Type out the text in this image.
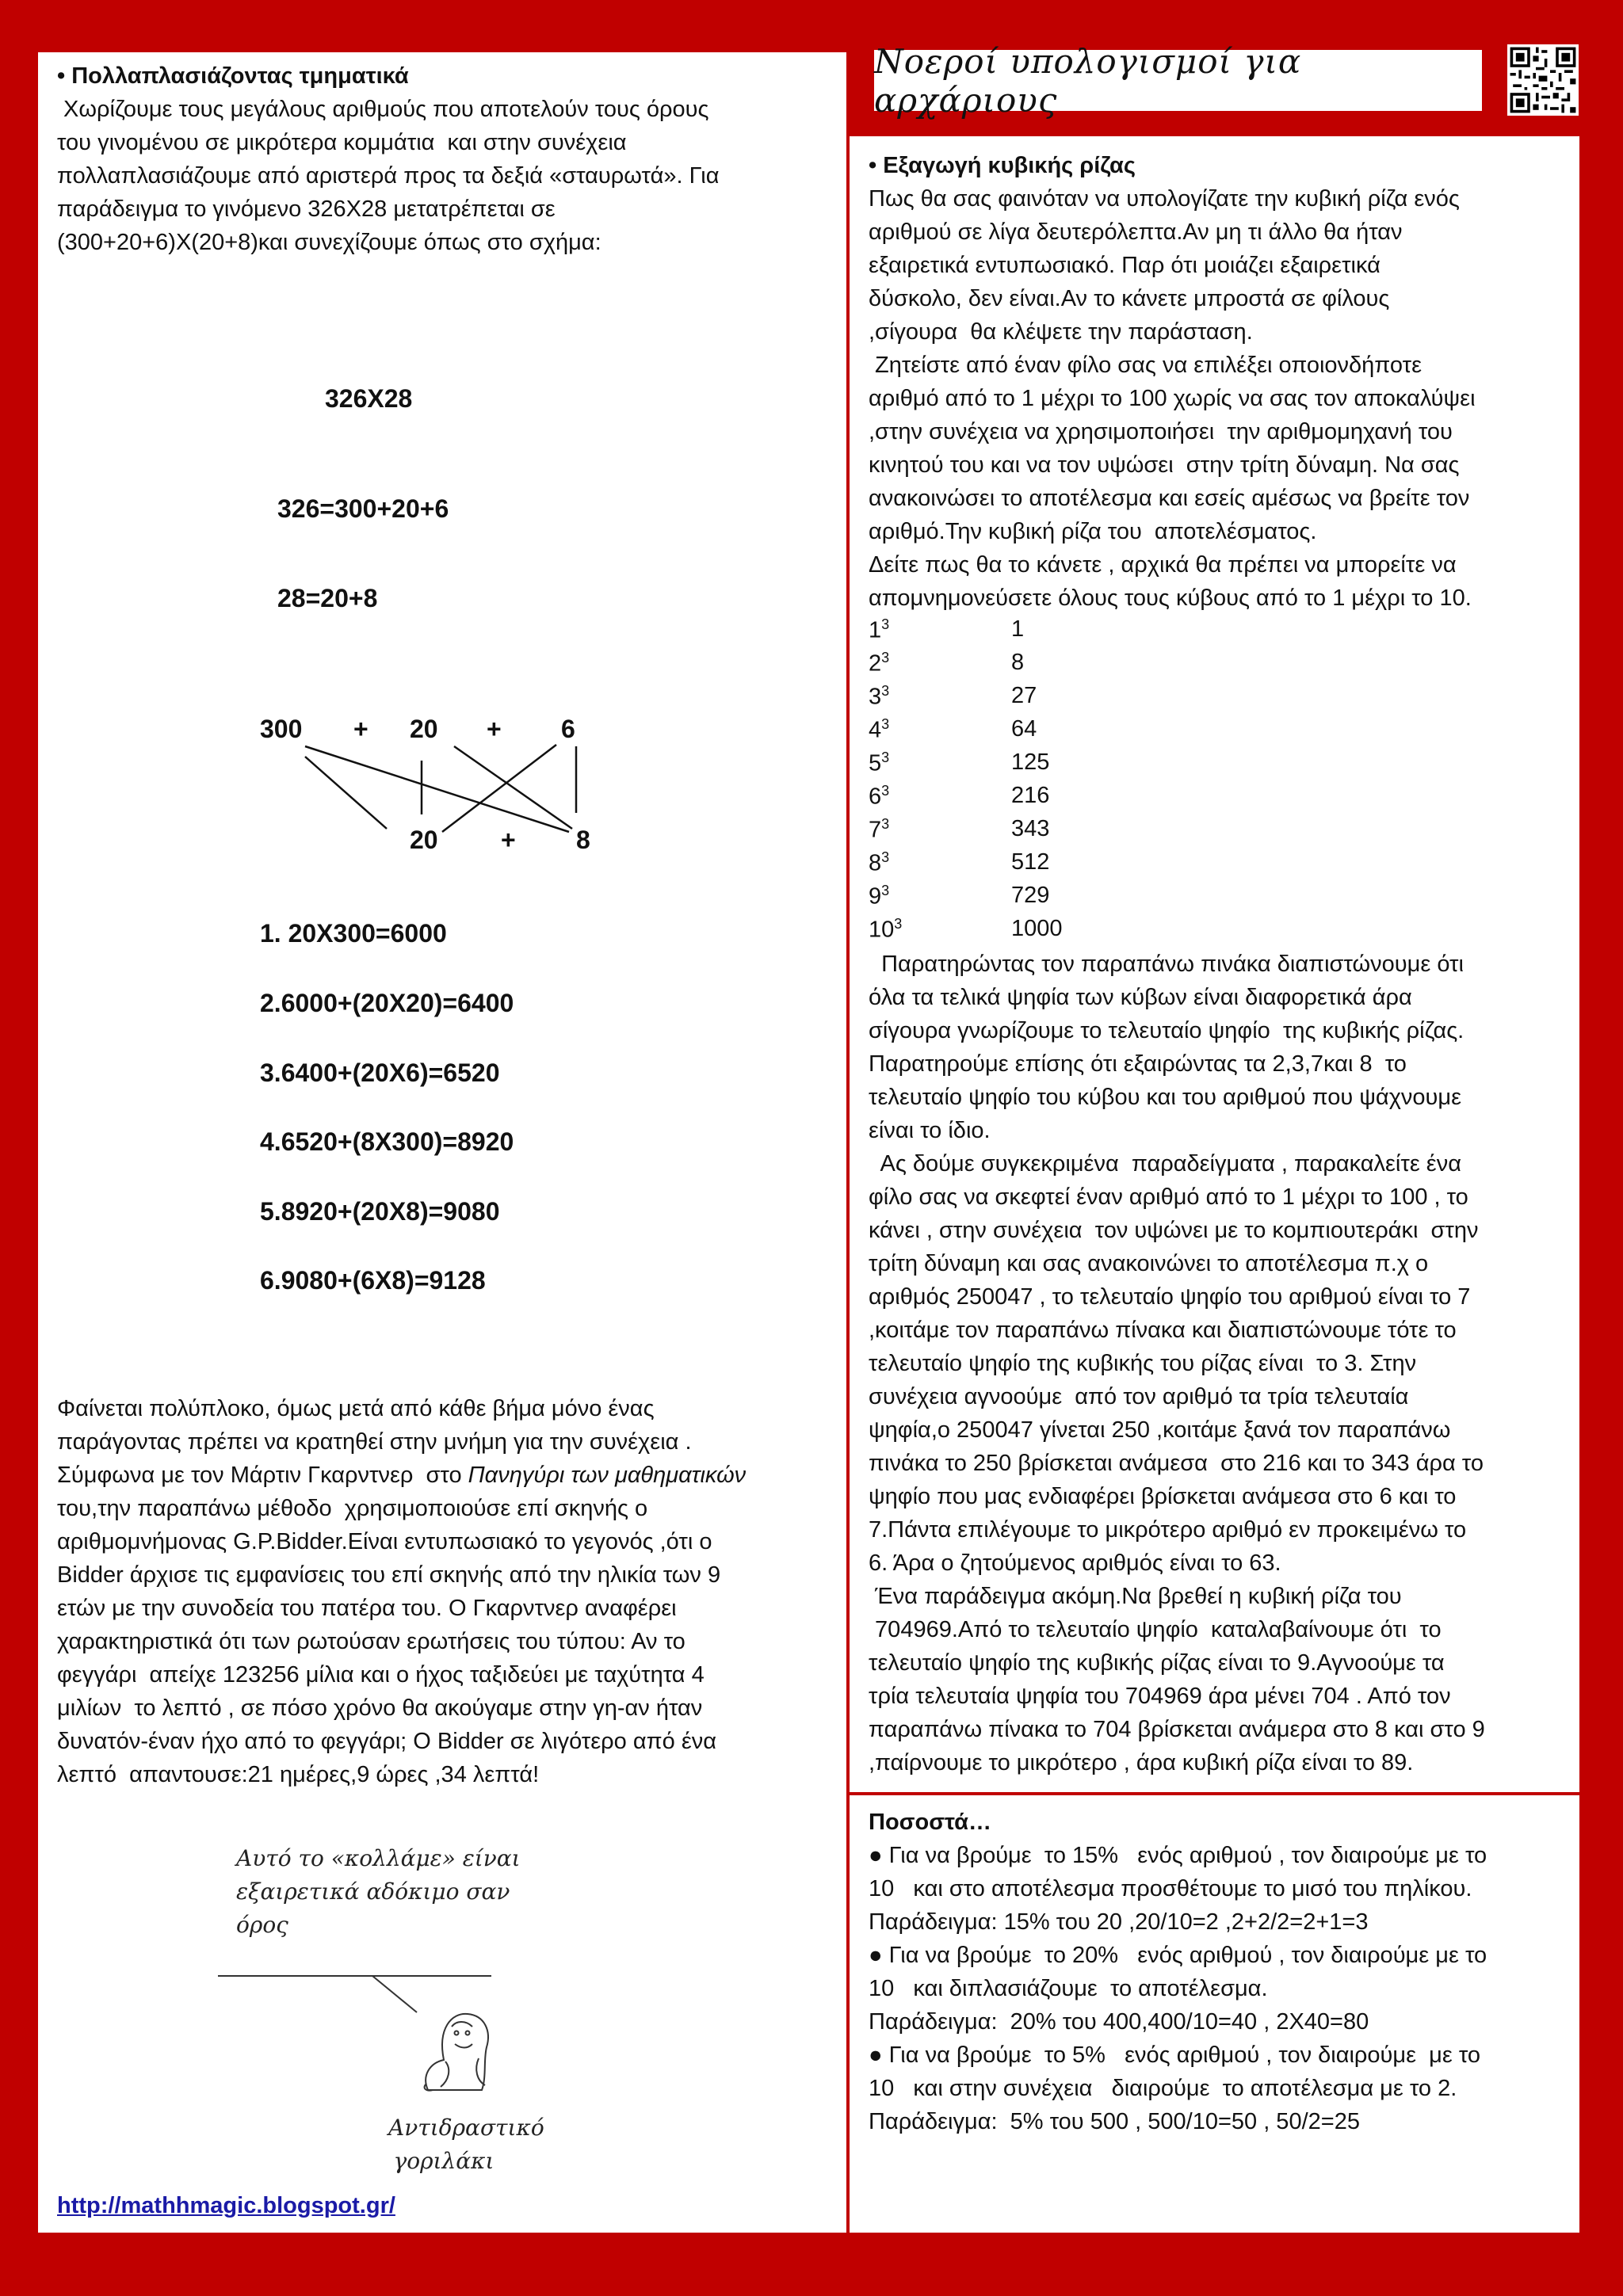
Νοεροί υπολογισμοί για αρχάριους
• Πολλαπλασιάζοντας τμηματικά
Χωρίζουμε τους μεγάλους αριθμούς που αποτελούν τους όρους
του γινομένου σε μικρότερα κομμάτια  και στην συνέχεια
πολλαπλασιάζουμε από αριστερά προς τα δεξιά «σταυρωτά». Για
παράδειγμα το γινόμενο 326Χ28 μετατρέπεται σε
(300+20+6)Χ(20+8)και συνεχίζουμε όπως στο σχήμα:
326Χ28
326=300+20+6
28=20+8
300 + 20 + 6
20 + 8
1. 20Χ300=6000
2.6000+(20Χ20)=6400
3.6400+(20Χ6)=6520
4.6520+(8Χ300)=8920
5.8920+(20Χ8)=9080
6.9080+(6Χ8)=9128
Φαίνεται πολύπλοκο, όμως μετά από κάθε βήμα μόνο ένας
παράγοντας πρέπει να κρατηθεί στην μνήμη για την συνέχεια .
Σύμφωνα με τον Μάρτιν Γκαρντνερ  στο Πανηγύρι των μαθηματικών
του,την παραπάνω μέθοδο  χρησιμοποιούσε επί σκηνής ο
αριθμομνήμονας G.P.Bidder.Είναι εντυπωσιακό το γεγονός ,ότι ο
Bidder άρχισε τις εμφανίσεις του επί σκηνής από την ηλικία των 9
ετών με την συνοδεία του πατέρα του. Ο Γκαρντνερ αναφέρει
χαρακτηριστικά ότι των ρωτούσαν ερωτήσεις του τύπου: Αν το
φεγγάρι  απείχε 123256 μίλια και ο ήχος ταξιδεύει με ταχύτητα 4
μιλίων  το λεπτό , σε πόσο χρόνο θα ακούγαμε στην γη-αν ήταν
δυνατόν-έναν ήχο από το φεγγάρι; Ο Bidder σε λιγότερο από ένα
λεπτό  απαντουσε:21 ημέρες,9 ώρες ,34 λεπτά!
Αυτό το «κολλάμε» είναι
εξαιρετικά αδόκιμο σαν
όρος
Αντιδραστικό
γοριλάκι
http://mathhmagic.blogspot.gr/
• Εξαγωγή κυβικής ρίζας
Πως θα σας φαινόταν να υπολογίζατε την κυβική ρίζα ενός
αριθμού σε λίγα δευτερόλεπτα.Αν μη τι άλλο θα ήταν
εξαιρετικά εντυπωσιακό. Παρ ότι μοιάζει εξαιρετικά
δύσκολο, δεν είναι.Αν το κάνετε μπροστά σε φίλους
,σίγουρα  θα κλέψετε την παράσταση.
Ζητείστε από έναν φίλο σας να επιλέξει οποιονδήποτε
αριθμό από το 1 μέχρι το 100 χωρίς να σας τον αποκαλύψει
,στην συνέχεια να χρησιμοποιήσει  την αριθμομηχανή του
κινητού του και να τον υψώσει  στην τρίτη δύναμη. Να σας
ανακοινώσει το αποτέλεσμα και εσείς αμέσως να βρείτε τον
αριθμό.Την κυβική ρίζα του  αποτελέσματος.
Δείτε πως θα το κάνετε , αρχικά θα πρέπει να μπορείτε να
απομνημονεύσετε όλους τους κύβους από το 1 μέχρι το 10.
$1^3$	1
$2^3$	8
$3^3$	27
$4^3$	64
$5^3$	125
$6^3$	216
$7^3$	343
$8^3$	512
$9^3$	729
$10^3$	1000
Παρατηρώντας τον παραπάνω πινάκα διαπιστώνουμε ότι
όλα τα τελικά ψηφία των κύβων είναι διαφορετικά άρα
σίγουρα γνωρίζουμε το τελευταίο ψηφίο  της κυβικής ρίζας.
Παρατηρούμε επίσης ότι εξαιρώντας τα 2,3,7και 8  το
τελευταίο ψηφίο του κύβου και του αριθμού που ψάχνουμε
είναι το ίδιο.
Ας δούμε συγκεκριμένα  παραδείγματα , παρακαλείτε ένα
φίλο σας να σκεφτεί έναν αριθμό από το 1 μέχρι το 100 , το
κάνει , στην συνέχεια  τον υψώνει με το κομπιουτεράκι  στην
τρίτη δύναμη και σας ανακοινώνει το αποτέλεσμα π.χ ο
αριθμός 250047 , το τελευταίο ψηφίο του αριθμού είναι το 7
,κοιτάμε τον παραπάνω πίνακα και διαπιστώνουμε τότε το
τελευταίο ψηφίο της κυβικής του ρίζας είναι  το 3. Στην
συνέχεια αγνοούμε  από τον αριθμό τα τρία τελευταία
ψηφία,ο 250047 γίνεται 250 ,κοιτάμε ξανά τον παραπάνω
πινάκα το 250 βρίσκεται ανάμεσα  στο 216 και το 343 άρα το
ψηφίο που μας ενδιαφέρει βρίσκεται ανάμεσα στο 6 και το
7.Πάντα επιλέγουμε το μικρότερο αριθμό εν προκειμένω το
6. Άρα ο ζητούμενος αριθμός είναι το 63.
Ένα παράδειγμα ακόμη.Να βρεθεί η κυβική ρίζα του
704969.Από το τελευταίο ψηφίο  καταλαβαίνουμε ότι  το
τελευταίο ψηφίο της κυβικής ρίζας είναι το 9.Αγνοούμε τα
τρία τελευταία ψηφία του 704969 άρα μένει 704 . Από τον
παραπάνω πίνακα το 704 βρίσκεται ανάμερα στο 8 και στο 9
,παίρνουμε το μικρότερο , άρα κυβική ρίζα είναι το 89.
Ποσοστά…
● Για να βρούμε  το 15%   ενός αριθμού , τον διαιρούμε με το
10   και στο αποτέλεσμα προσθέτουμε το μισό του πηλίκου.
Παράδειγμα: 15% του 20 ,20/10=2 ,2+2/2=2+1=3
● Για να βρούμε  το 20%   ενός αριθμού , τον διαιρούμε με το
10   και διπλασιάζουμε  το αποτέλεσμα.
Παράδειγμα:  20% του 400,400/10=40 , 2Χ40=80
● Για να βρούμε  το 5%   ενός αριθμού , τον διαιρούμε  με το
10   και στην συνέχεια   διαιρούμε  το αποτέλεσμα με το 2.
Παράδειγμα:  5% του 500 , 500/10=50 , 50/2=25
